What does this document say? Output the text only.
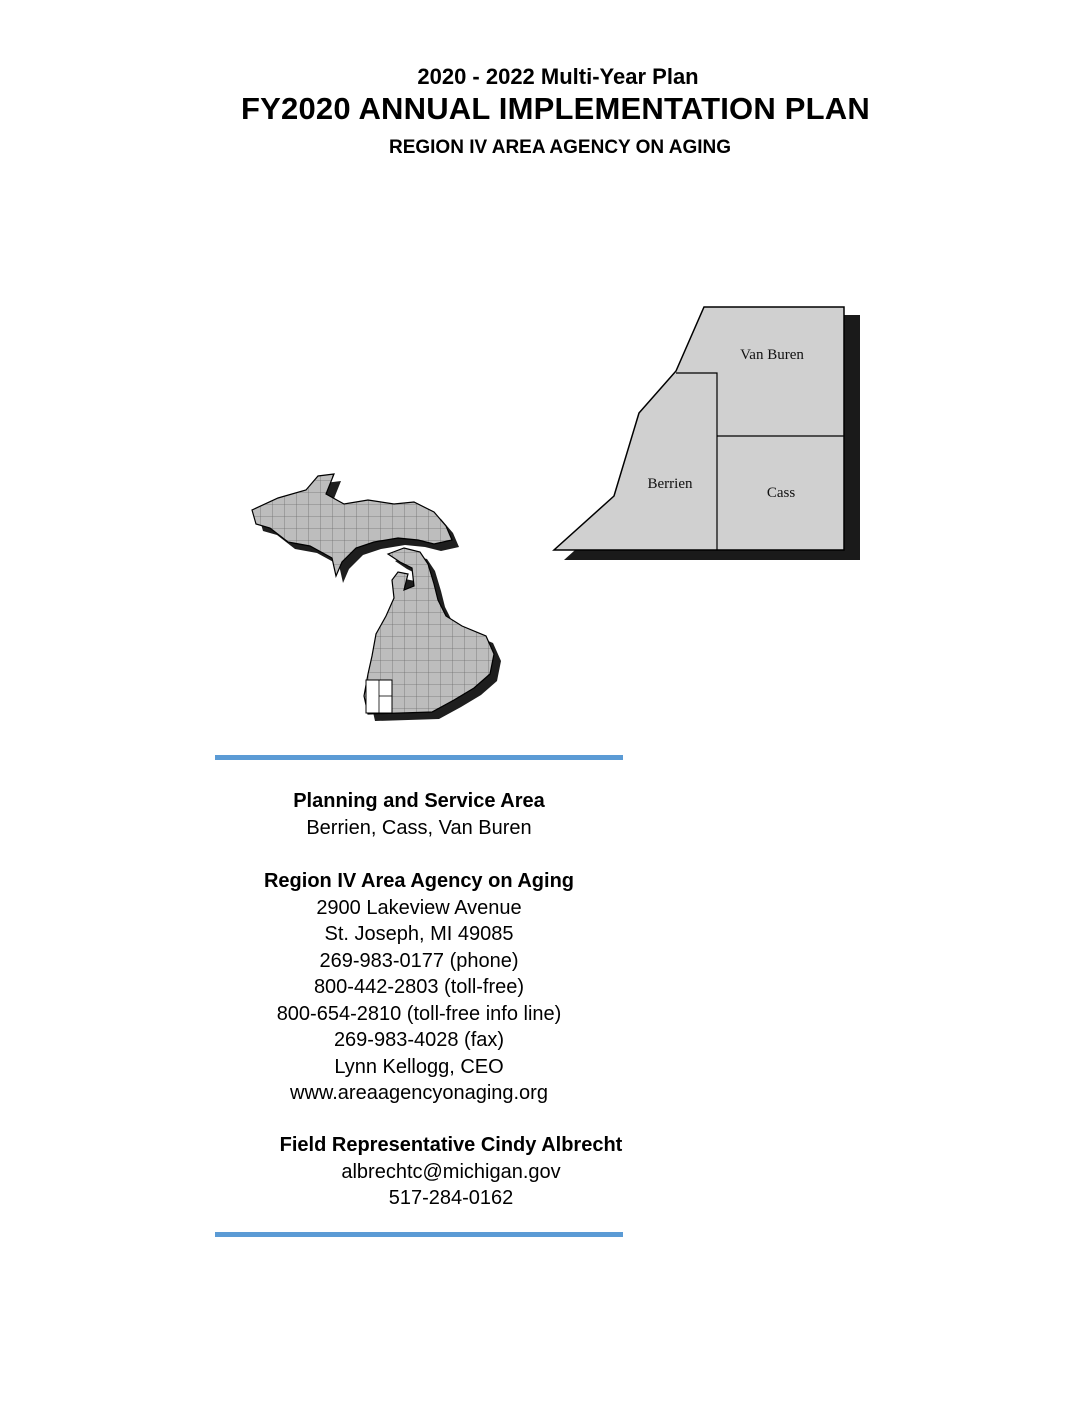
2020 - 2022 Multi-Year Plan
FY2020 ANNUAL IMPLEMENTATION PLAN
REGION IV AREA AGENCY ON AGING
Van Buren
Berrien
Cass
Planning and Service Area
Berrien, Cass, Van Buren
Region IV Area Agency on Aging
2900 Lakeview Avenue
St. Joseph, MI 49085
269-983-0177 (phone)
800-442-2803 (toll-free)
800-654-2810 (toll-free info line)
269-983-4028 (fax)
Lynn Kellogg, CEO
www.areaagencyonaging.org
Field Representative Cindy Albrecht
albrechtc@michigan.gov
517-284-0162
